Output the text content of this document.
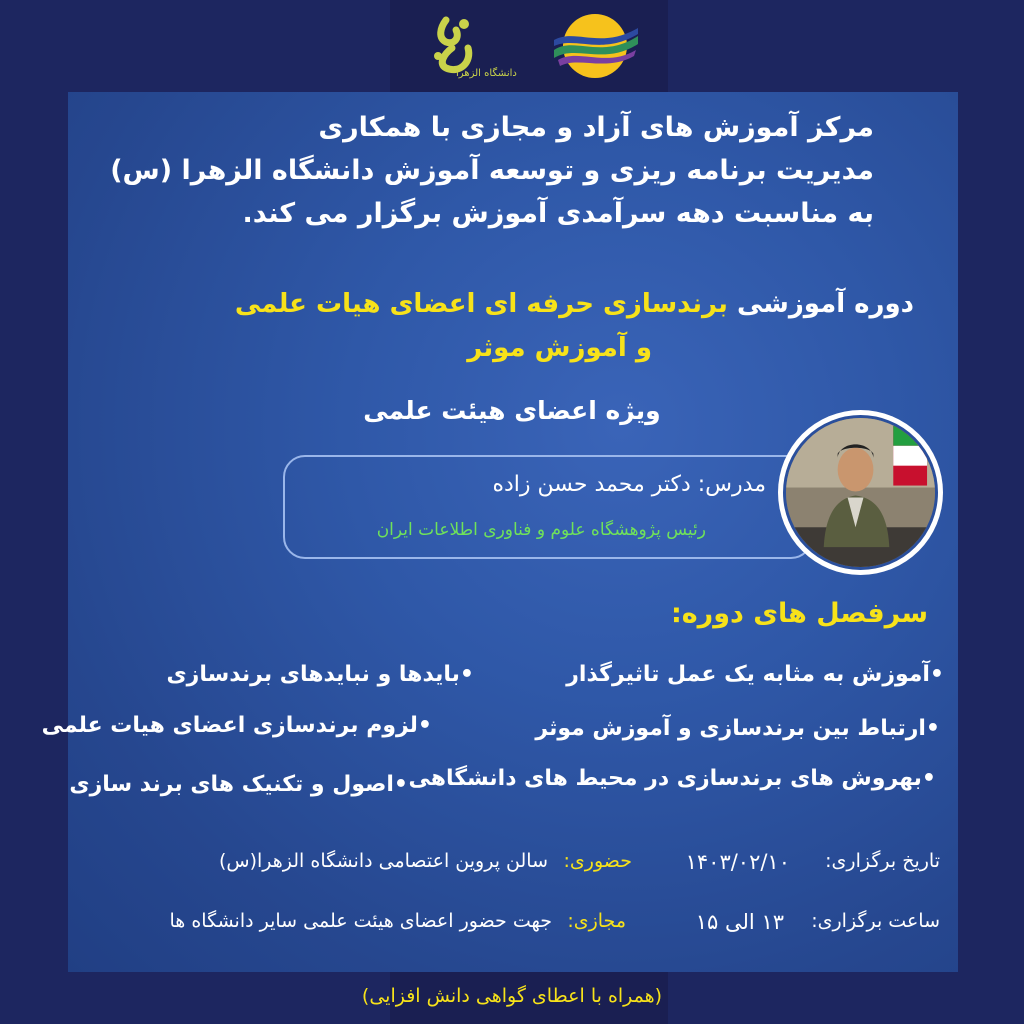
دانشگاه الزهرا
مرکز آموزش های آزاد و مجازی با همکاری
مدیریت برنامه ریزی و توسعه آموزش دانشگاه الزهرا (س)
به مناسبت دهه سرآمدی آموزش برگزار می کند.
دوره آموزشی برندسازی حرفه ای اعضای هیات علمی
و آموزش موثر
ویژه اعضای هیئت علمی
مدرس: دکتر محمد حسن زاده
رئیس پژوهشگاه علوم و فناوری اطلاعات ایران
سرفصل های دوره:
•آموزش به مثابه یک عمل تاثیرگذار
•ارتباط بین برندسازی و آموزش موثر
•بهروش های برندسازی در محیط های دانشگاهی
•بایدها و نبایدهای برندسازی
•لزوم برندسازی اعضای هیات علمی
•اصول و تکنیک های برند سازی
تاریخ برگزاری:
۱۴۰۳/۰۲/۱۰
حضوری:
سالن پروین اعتصامی دانشگاه الزهرا(س)
ساعت برگزاری:
۱۳ الی ۱۵
مجازی:
جهت حضور اعضای هیئت علمی سایر دانشگاه ها
(همراه با اعطای گواهی دانش افزایی)
